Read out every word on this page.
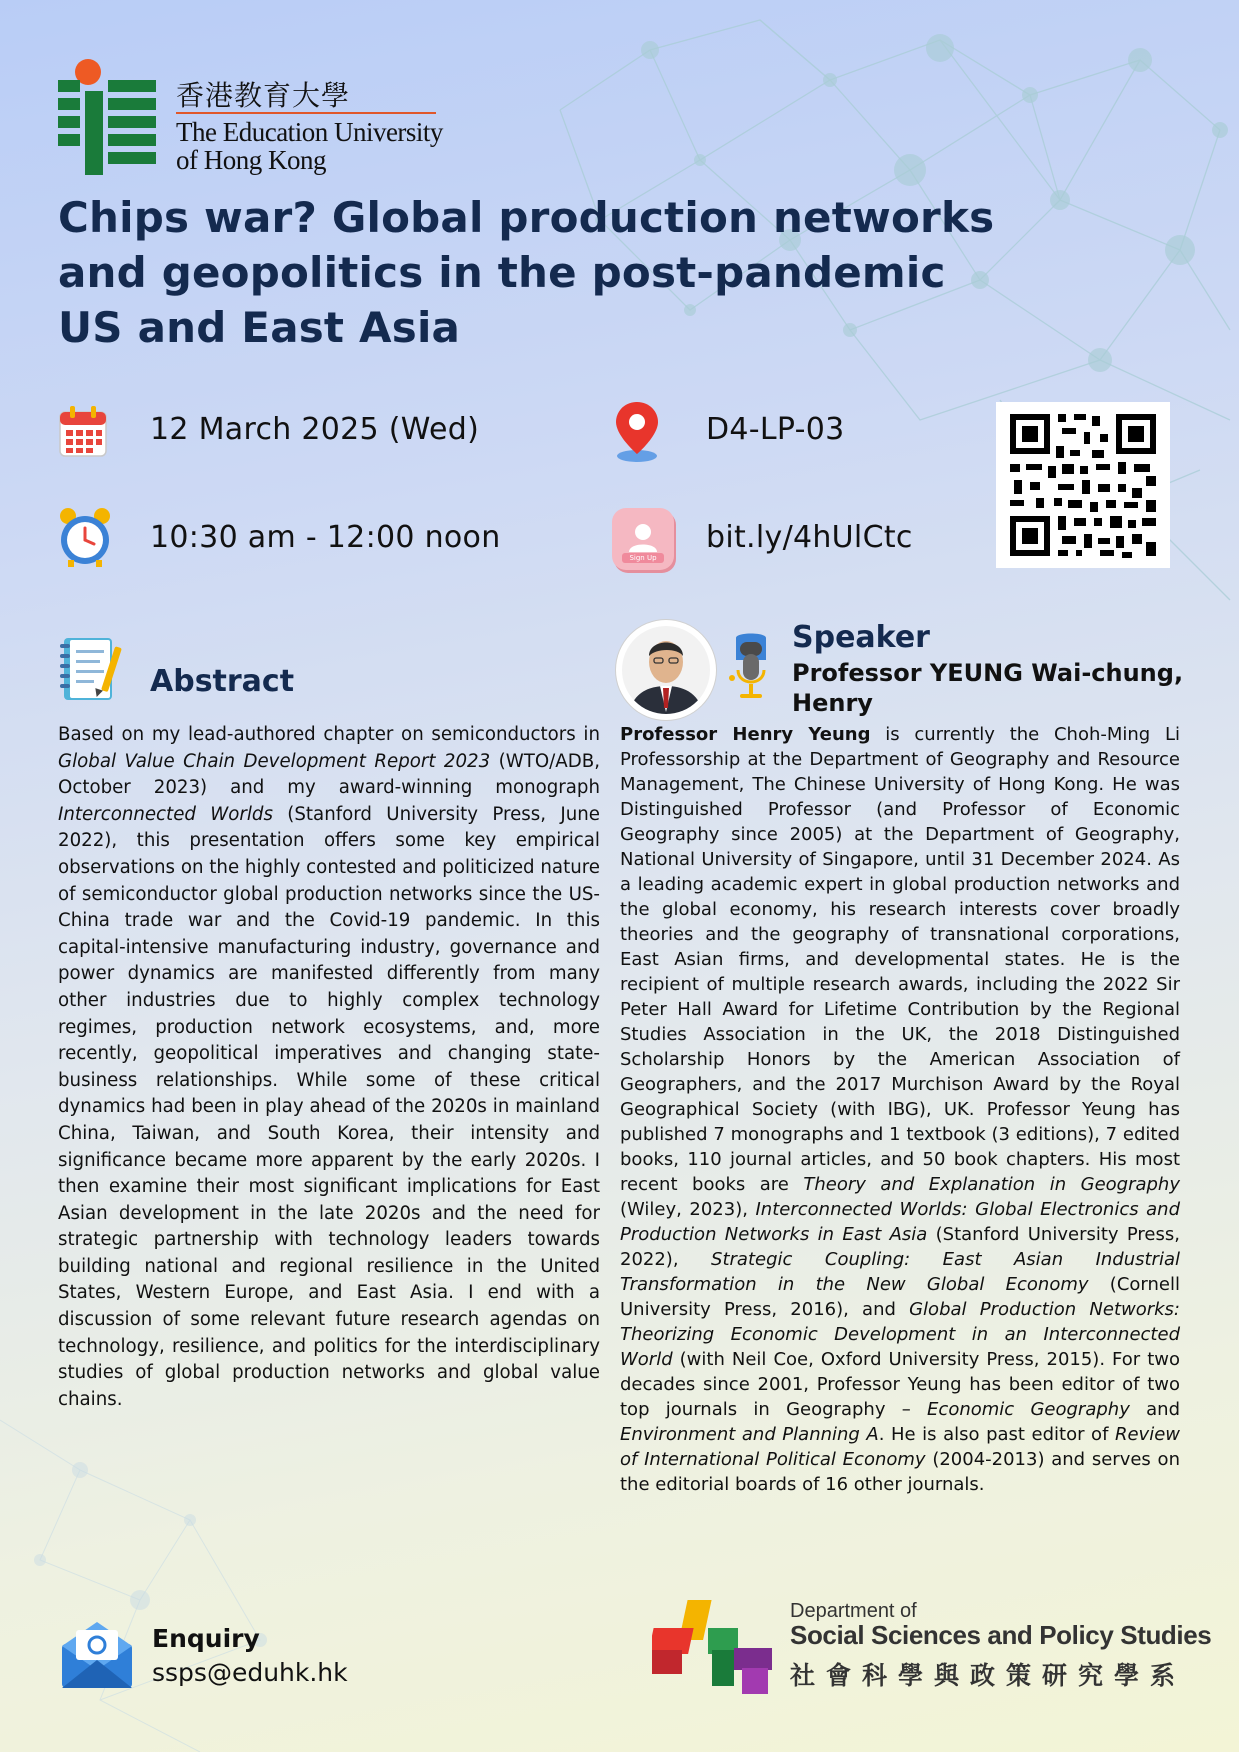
香港教育大學
The Education University
of Hong Kong
Chips war? Global production networks
and geopolitics in the post-pandemic
US and East Asia
12 March 2025 (Wed)	D4-LP-03
10:30 am - 12:00 noon
Sign Up
bit.ly/4hUlCtc
Abstract

Based on my lead-authored chapter on semiconductors in Global Value Chain Development Report 2023 (WTO/ADB, October 2023) and my award-winning monograph Interconnected Worlds (Stanford University Press, June 2022), this presentation offers some key empirical observations on the highly contested and politicized nature of semiconductor global production networks since the US-China trade war and the Covid-19 pandemic. In this capital-intensive manufacturing industry, governance and power dynamics are manifested differently from many other industries due to highly complex technology regimes, production network ecosystems, and, more recently, geopolitical imperatives and changing state-business relationships. While some of these critical dynamics had been in play ahead of the 2020s in mainland China, Taiwan, and South Korea, their intensity and significance became more apparent by the early 2020s. I then examine their most significant implications for East Asian development in the late 2020s and the need for strategic partnership with technology leaders towards building national and regional resilience in the United States, Western Europe, and East Asia. I end with a discussion of some relevant future research agendas on technology, resilience, and politics for the interdisciplinary studies of global production networks and global value chains.

Speaker
Professor YEUNG Wai-chung,
Henry

Professor Henry Yeung is currently the Choh-Ming Li Professorship at the Department of Geography and Resource Management, The Chinese University of Hong Kong. He was Distinguished Professor (and Professor of Economic Geography since 2005) at the Department of Geography, National University of Singapore, until 31 December 2024. As a leading academic expert in global production networks and the global economy, his research interests cover broadly theories and the geography of transnational corporations, East Asian firms, and developmental states. He is the recipient of multiple research awards, including the 2022 Sir Peter Hall Award for Lifetime Contribution by the Regional Studies Association in the UK, the 2018 Distinguished Scholarship Honors by the American Association of Geographers, and the 2017 Murchison Award by the Royal Geographical Society (with IBG), UK. Professor Yeung has published 7 monographs and 1 textbook (3 editions), 7 edited books, 110 journal articles, and 50 book chapters. His most recent books are Theory and Explanation in Geography (Wiley, 2023), Interconnected Worlds: Global Electronics and Production Networks in East Asia (Stanford University Press, 2022), Strategic Coupling: East Asian Industrial Transformation in the New Global Economy (Cornell University Press, 2016), and Global Production Networks: Theorizing Economic Development in an Interconnected World (with Neil Coe, Oxford University Press, 2015). For two decades since 2001, Professor Yeung has been editor of two top journals in Geography – Economic Geography and Environment and Planning A. He is also past editor of Review of International Political Economy (2004-2013) and serves on the editorial boards of 16 other journals.

Enquiry
ssps@eduhk.hk
Department of
Social Sciences and Policy Studies
社會科學與政策研究學系
